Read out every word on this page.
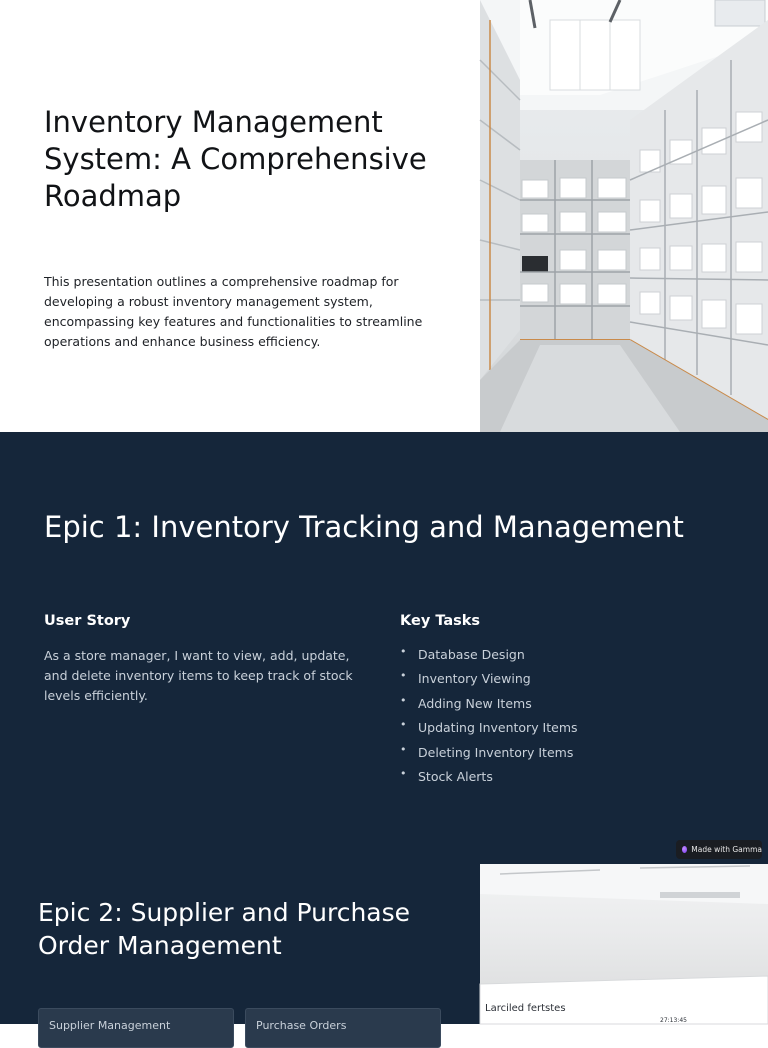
Inventory Management System: A Comprehensive Roadmap

This presentation outlines a comprehensive roadmap for developing a robust inventory management system, encompassing key features and functionalities to streamline operations and enhance business efficiency.

Epic 1: Inventory Tracking and Management
User Story

As a store manager, I want to view, add, update, and delete inventory items to keep track of stock levels efficiently.

Key Tasks
• Database Design
• Inventory Viewing
• Adding New Items
• Updating Inventory Items
• Deleting Inventory Items
• Stock Alerts
Made with Gamma
Epic 2: Supplier and Purchase Order Management
Supplier Management	Purchase Orders
Larciled fertstes
27:13:45
